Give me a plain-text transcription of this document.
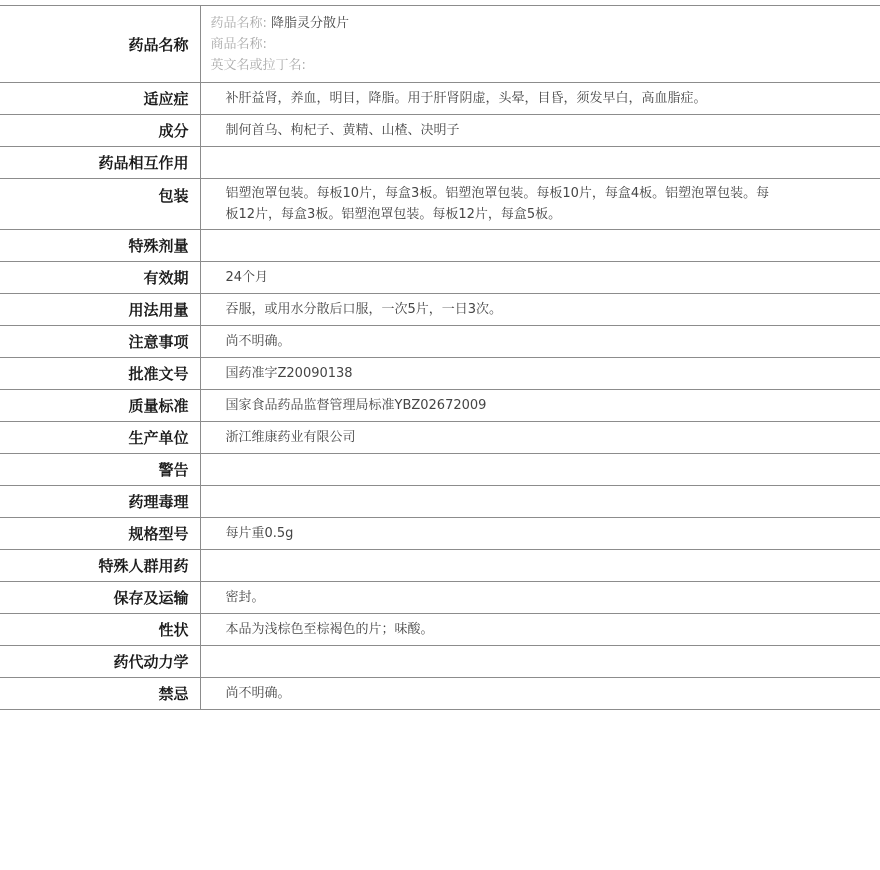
药品名称	药品名称: 降脂灵分散片
商品名称:
英文名或拉丁名:

适应症	补肝益肾，养血，明目，降脂。用于肝肾阴虚，头晕，目昏，须发早白，高血脂症。
成分	制何首乌、枸杞子、黄精、山楂、决明子
药品相互作用	
包装	铝塑泡罩包装。每板10片，每盒3板。铝塑泡罩包装。每板10片，每盒4板。铝塑泡罩包装。每板12片，每盒3板。铝塑泡罩包装。每板12片，每盒5板。
特殊剂量	
有效期	24个月
用法用量	吞服，或用水分散后口服，一次5片，一日3次。
注意事项	尚不明确。
批准文号	国药准字Z20090138
质量标准	国家食品药品监督管理局标准YBZ02672009
生产单位	浙江维康药业有限公司
警告	
药理毒理	
规格型号	每片重0.5g
特殊人群用药	
保存及运输	密封。
性状	本品为浅棕色至棕褐色的片；味酸。
药代动力学	
禁忌	尚不明确。
